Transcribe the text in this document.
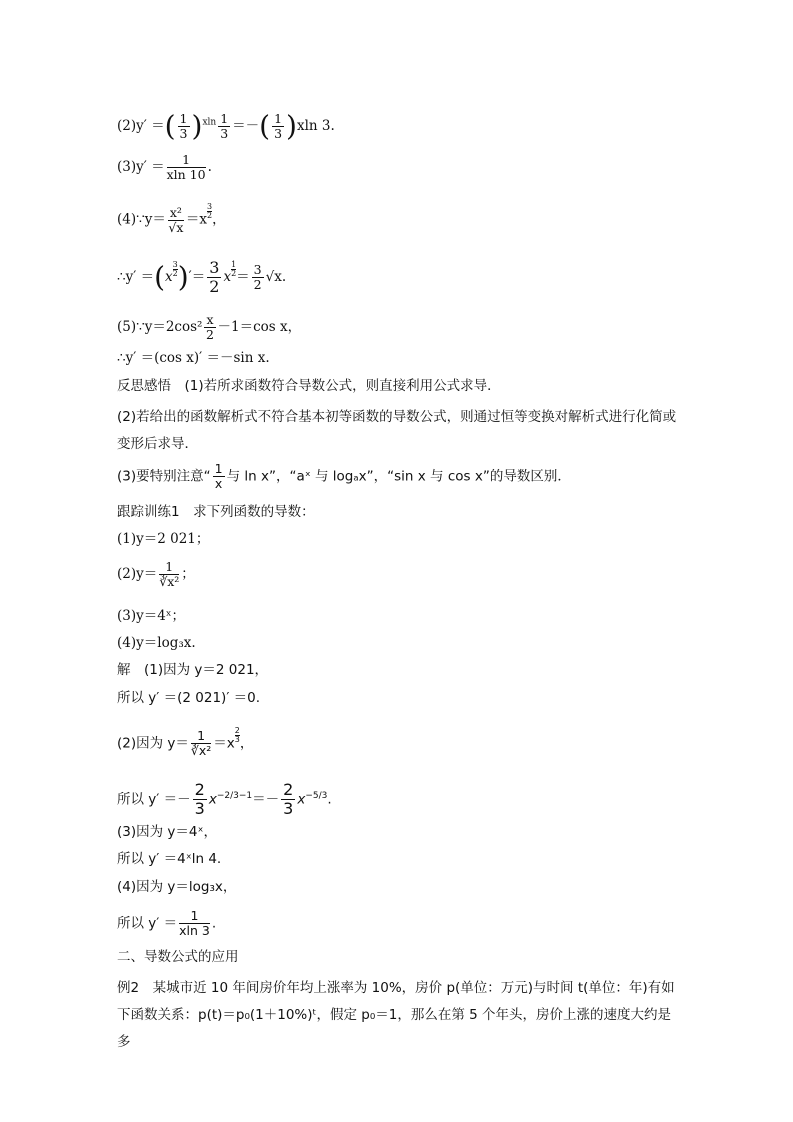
(2)y′ ＝( $\frac{1}{3} )^{xln} \frac{1}{3}$ ＝－( $\frac{1}{3} )xln$ 3.
$(3)y' = \frac{1}{xln 10}$ .
(4)∵y＝ $\frac{\text{x²}}{√x} =x \frac{3}{2}$ ，
∴y′ $=(x \frac{3}{2}$ )′＝ $\frac{3}{2}$ x $\frac{1}{2} = \frac{3}{2} √x$.
(5)∵y＝2cos² $\frac{x}{2} -1=\cos$ x，
∴y′ ＝(cos x)′ ＝－sin x.
反思感悟　(1)若所求函数符合导数公式，则直接利用公式求导．
(2)若给出的函数解析式不符合基本初等函数的导数公式，则通过恒等变换对解析式进行化简或变形后求导．
(3)要特别注意“ $\frac{1}{x}$ 与 ln x”，“aˣ 与 logₐx”，“sin x 与 cos x”的导数区别．
跟踪训练1　求下列函数的导数：
(1)y＝2 021；
$(2)y= \frac{1}{\text{∛x²}}$ ；
(3)y＝4ˣ；
(4)y＝log₃x.
解　(1)因为 y＝2 021，
所以 y′ ＝(2 021)′ ＝0.
(2)因为 $y= \frac{1}{\text{∛x²}} =x \frac{2}{3}$ ，
所以 $y' =- \frac{2}{3} x^{-2/3-1}=- \frac{2}{3} x^{-5/3}$.
(3)因为 y＝4ˣ，
所以 y′ ＝4ˣln 4.
(4)因为 y＝log₃x，
所以 $y' = \frac{1}{xln 3}$ .
二、导数公式的应用
例2　某城市近 10 年间房价年均上涨率为 10%，房价 p(单位：万元)与时间 t(单位：年)有如下函数关系：p(t)＝p₀(1＋10%)ᵗ，假定 p₀＝1，那么在第 5 个年头，房价上涨的速度大约是多
